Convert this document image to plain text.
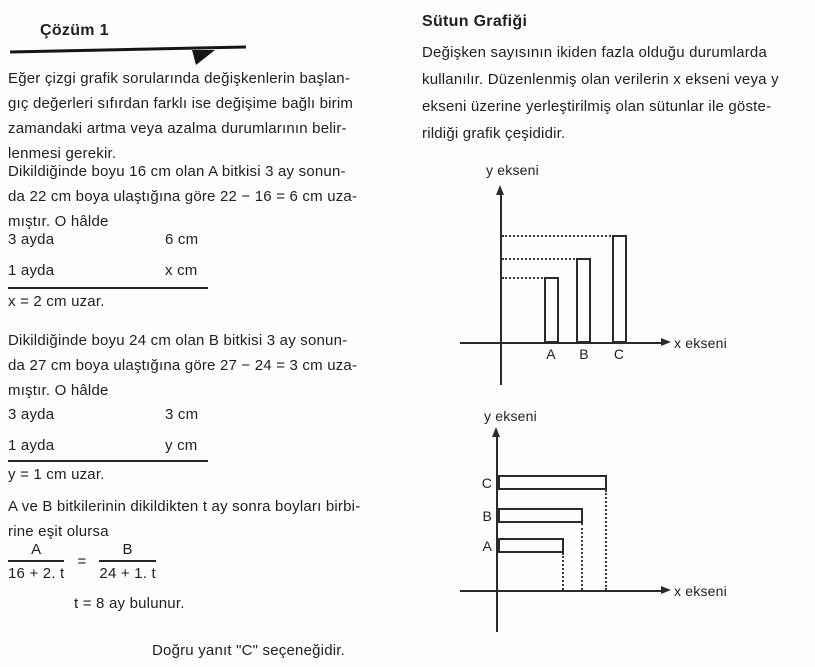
Çözüm 1
Eğer çizgi grafik sorularında değişkenlerin başlan-
gıç değerleri sıfırdan farklı ise değişime bağlı birim
zamandaki artma veya azalma durumlarının belir-
lenmesi gerekir.
Dikildiğinde boyu 16 cm olan A bitkisi 3 ay sonun-
da 22 cm boya ulaştığına göre 22 − 16 = 6 cm uza-
mıştır. O hâlde
3 ayda	6 cm
1 ayda	x cm
x = 2 cm uzar.
Dikildiğinde boyu 24 cm olan B bitkisi 3 ay sonun-
da 27 cm boya ulaştığına göre 27 − 24 = 3 cm uza-
mıştır. O hâlde
3 ayda	3 cm
1 ayda	y cm
y = 1 cm uzar.
A ve B bitkilerinin dikildikten t ay sonra boyları birbi-
rine eşit olursa
$\frac{A}{16 + 2. t} = \frac{B}{24 + 1. t}$
t = 8 ay bulunur.
Doğru yanıt "C" seçeneğidir.
Sütun Grafiği
Değişken sayısının ikiden fazla olduğu durumlarda
kullanılır. Düzenlenmiş olan verilerin x ekseni veya y
ekseni üzerine yerleştirilmiş olan sütunlar ile göste-
rildiği grafik çeşididir.
y ekseni
x ekseni
A	B	C
y ekseni
x ekseni
C
B
A
